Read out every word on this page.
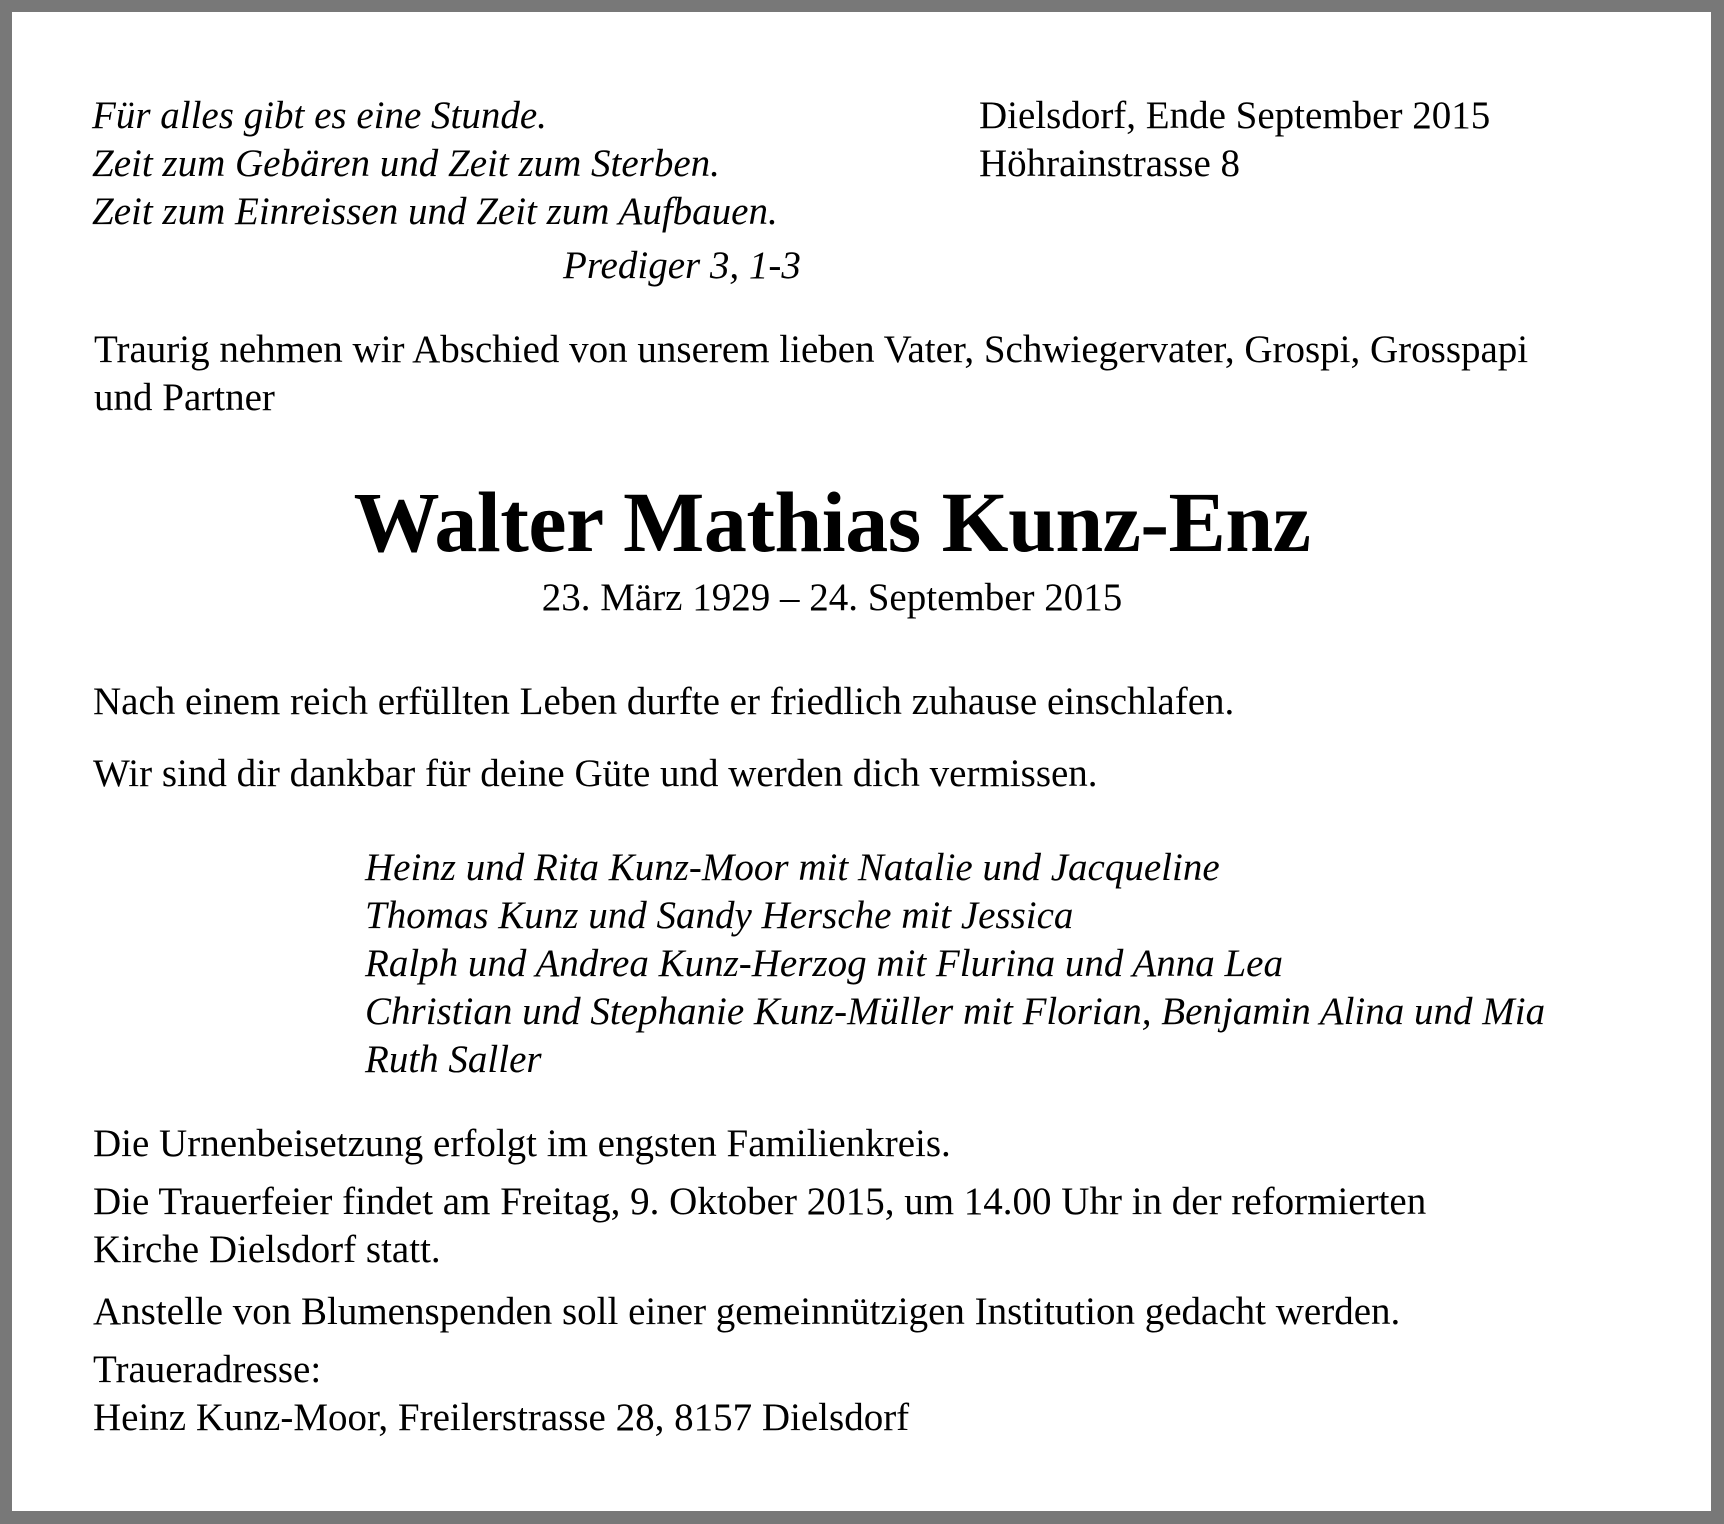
Für alles gibt es eine Stunde.
Zeit zum Gebären und Zeit zum Sterben.
Zeit zum Einreissen und Zeit zum Aufbauen.
Prediger 3, 1-3
Dielsdorf, Ende September 2015
Höhrainstrasse 8
Traurig nehmen wir Abschied von unserem lieben Vater, Schwiegervater, Grospi, Grosspapi
und Partner
Walter Mathias Kunz-Enz
23. März 1929 – 24. September 2015
Nach einem reich erfüllten Leben durfte er friedlich zuhause einschlafen.
Wir sind dir dankbar für deine Güte und werden dich vermissen.
Heinz und Rita Kunz-Moor mit Natalie und Jacqueline
Thomas Kunz und Sandy Hersche mit Jessica
Ralph und Andrea Kunz-Herzog mit Flurina und Anna Lea
Christian und Stephanie Kunz-Müller mit Florian, Benjamin Alina und Mia
Ruth Saller
Die Urnenbeisetzung erfolgt im engsten Familienkreis.
Die Trauerfeier findet am Freitag, 9. Oktober 2015, um 14.00 Uhr in der reformierten
Kirche Dielsdorf statt.
Anstelle von Blumenspenden soll einer gemeinnützigen Institution gedacht werden.
Traueradresse:
Heinz Kunz-Moor, Freilerstrasse 28, 8157 Dielsdorf
